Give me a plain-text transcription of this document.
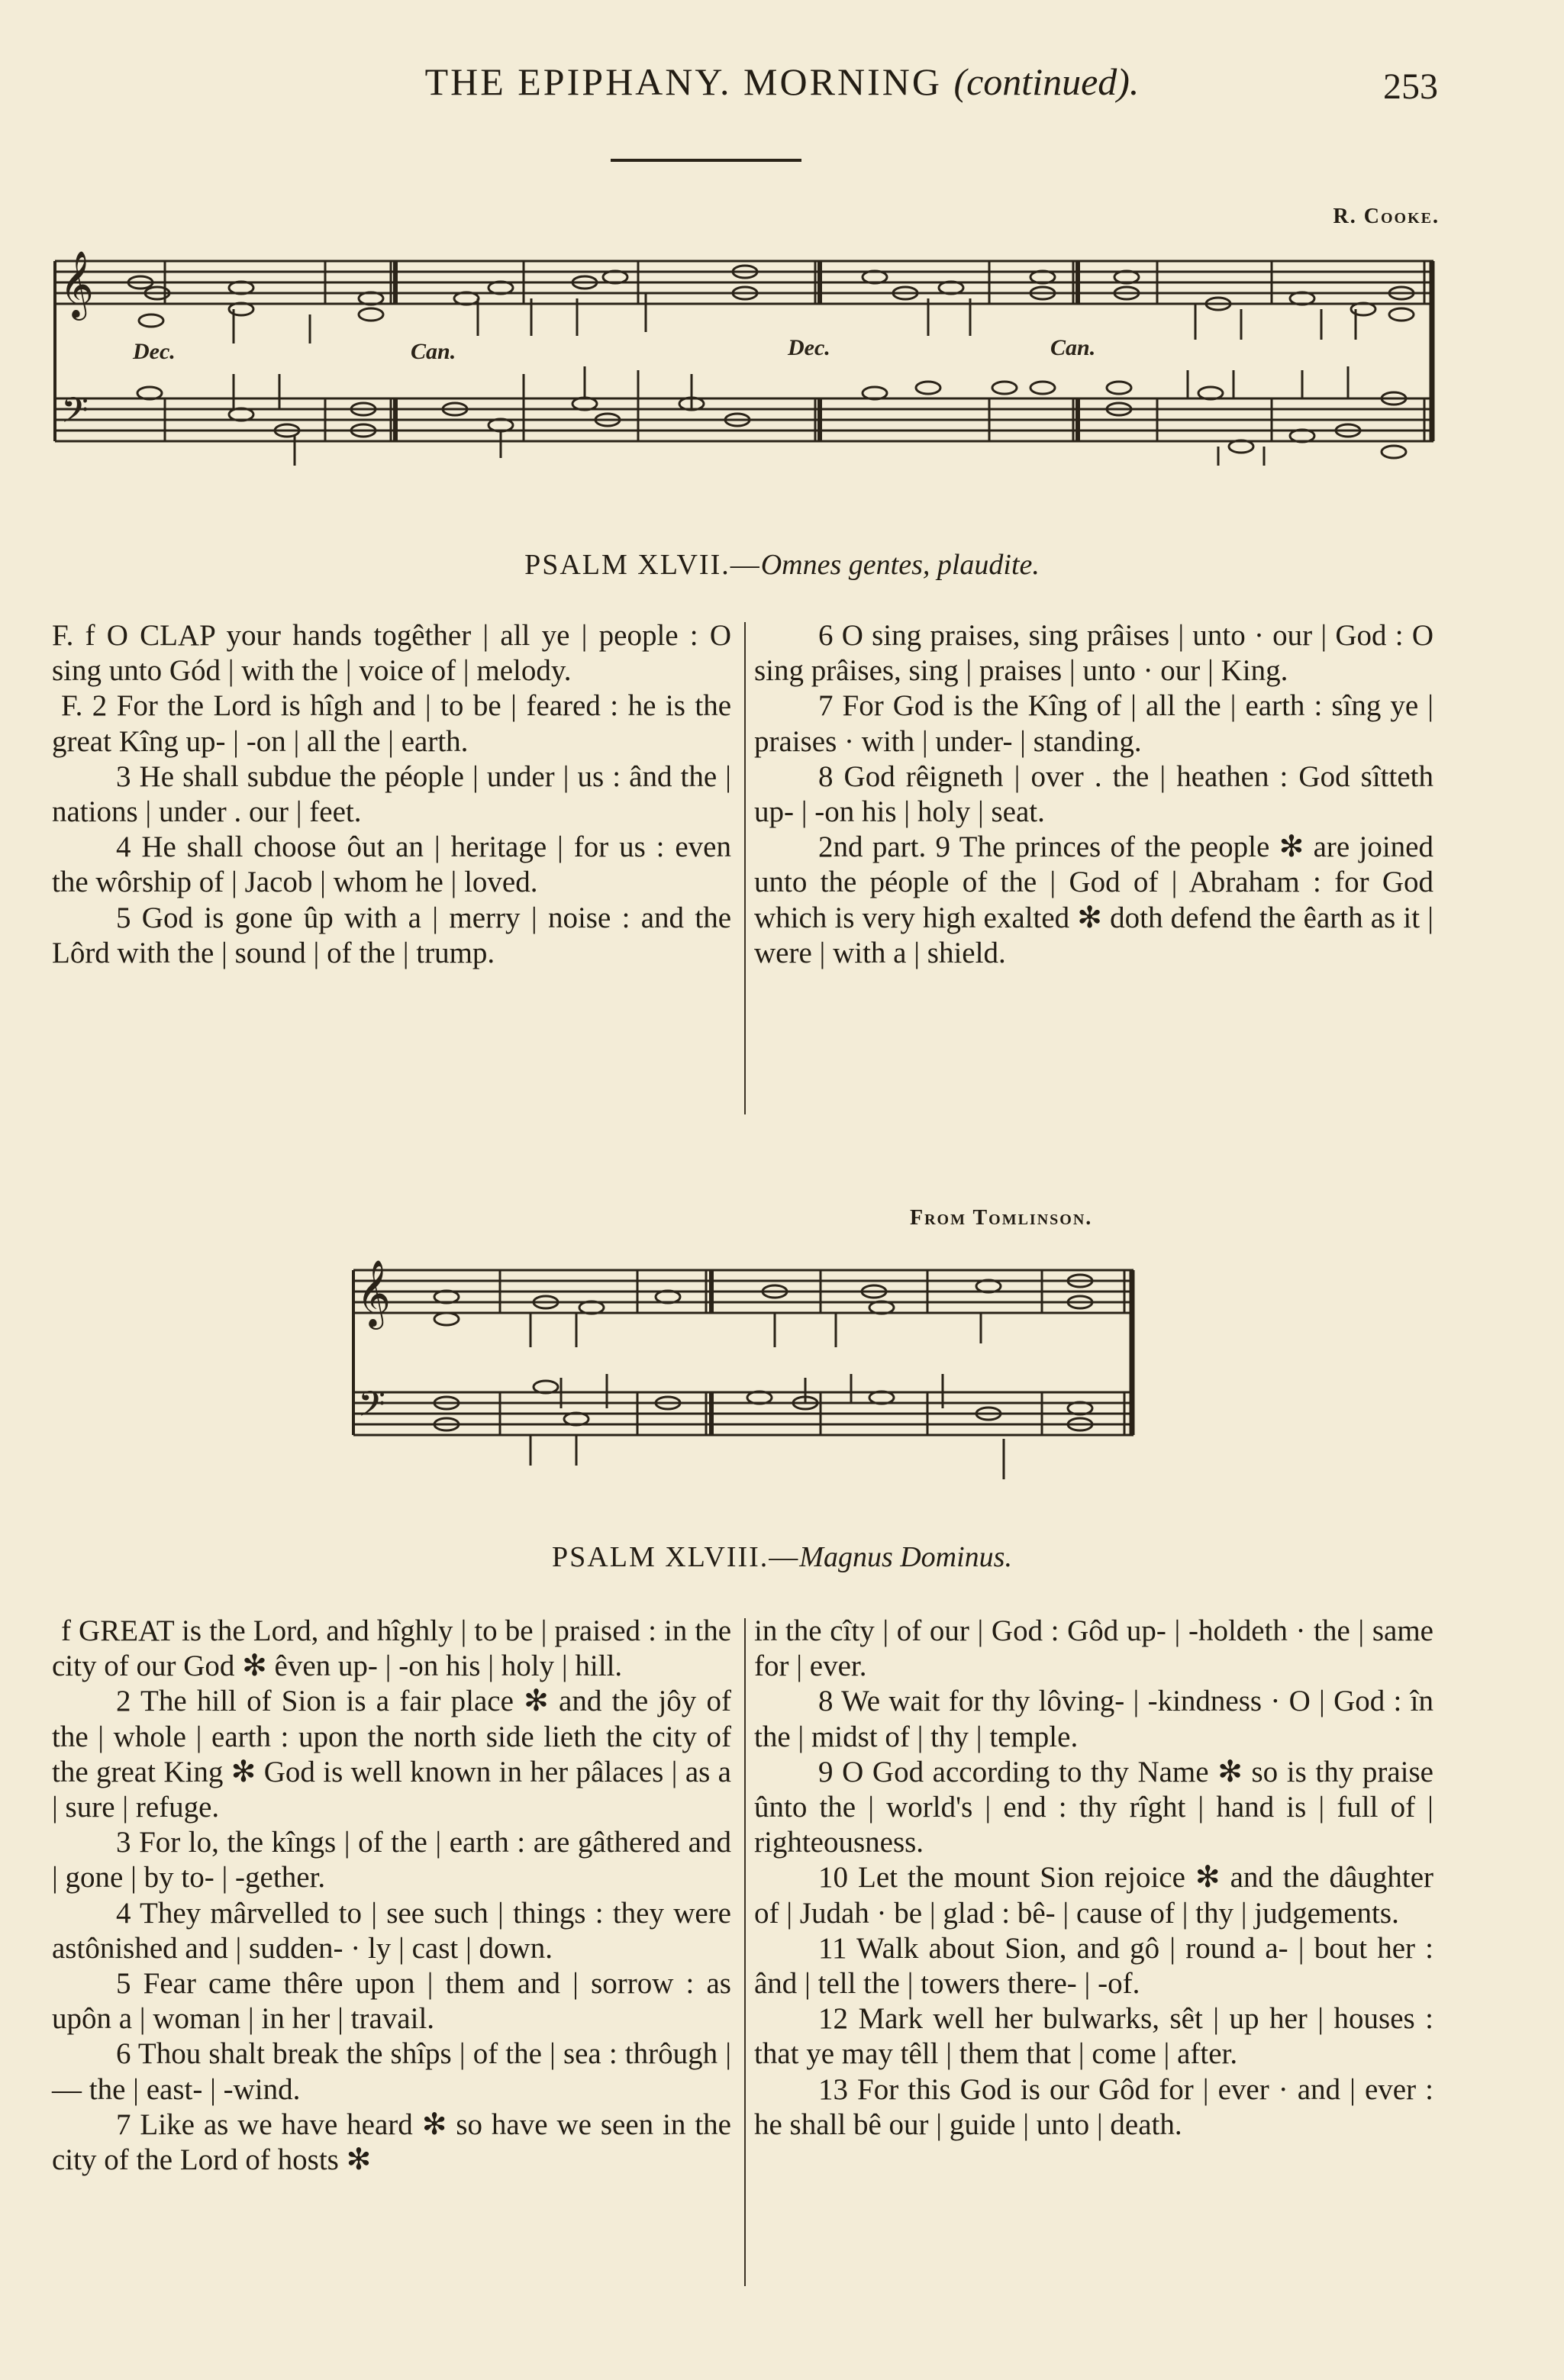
THE EPIPHANY. MORNING (continued).	253
R. Cooke.
𝄞
𝄢
Dec.	Can.	Dec.	Can.
PSALM XLVII.—Omnes gentes, plaudite.

F. f O CLAP your hands togêther | all ye | people : O sing unto Gód | with the | voice of | melody.

F. 2 For the Lord is hîgh and | to be | feared : he is the great Kîng up- | -on | all the | earth.

3 He shall subdue the péople | under | us : ând the | nations | under . our | feet.

4 He shall choose ôut an | heritage | for us : even the wôrship of | Jacob | whom he | loved.

5 God is gone ûp with a | merry | noise : and the Lôrd with the | sound | of the | trump.

6 O sing praises, sing prâises | unto · our | God : O sing prâises, sing | praises | unto · our | King.

7 For God is the Kîng of | all the | earth : sîng ye | praises · with | under- | standing.

8 God rêigneth | over . the | heathen : God sîtteth up- | -on his | holy | seat.

2nd part. 9 The princes of the people ✻ are joined unto the péople of the | God of | Abraham : for God which is very high exalted ✻ doth defend the êarth as it | were | with a | shield.

From Tomlinson.
𝄞
𝄢
PSALM XLVIII.—Magnus Dominus.

f GREAT is the Lord, and hîghly | to be | praised : in the city of our God ✻ êven up- | -on his | holy | hill.

2 The hill of Sion is a fair place ✻ and the jôy of the | whole | earth : upon the north side lieth the city of the great King ✻ God is well known in her pâlaces | as a | sure | refuge.

3 For lo, the kîngs | of the | earth : are gâthered and | gone | by to- | -gether.

4 They mârvelled to | see such | things : they were astônished and | sudden- · ly | cast | down.

5 Fear came thêre upon | them and | sorrow : as upôn a | woman | in her | travail.

6 Thou shalt break the shîps | of the | sea : thrôugh | — the | east- | -wind.

7 Like as we have heard ✻ so have we seen in the city of the Lord of hosts ✻

in the cîty | of our | God : Gôd up- | -holdeth · the | same for | ever.

8 We wait for thy lôving- | -kindness · O | God : în the | midst of | thy | temple.

9 O God according to thy Name ✻ so is thy praise ûnto the | world's | end : thy rîght | hand is | full of | righteousness.

10 Let the mount Sion rejoice ✻ and the dâughter of | Judah · be | glad : bê- | cause of | thy | judgements.

11 Walk about Sion, and gô | round a- | bout her : ând | tell the | towers there- | -of.

12 Mark well her bulwarks, sêt | up her | houses : that ye may têll | them that | come | after.

13 For this God is our Gôd for | ever · and | ever : he shall bê our | guide | unto | death.
